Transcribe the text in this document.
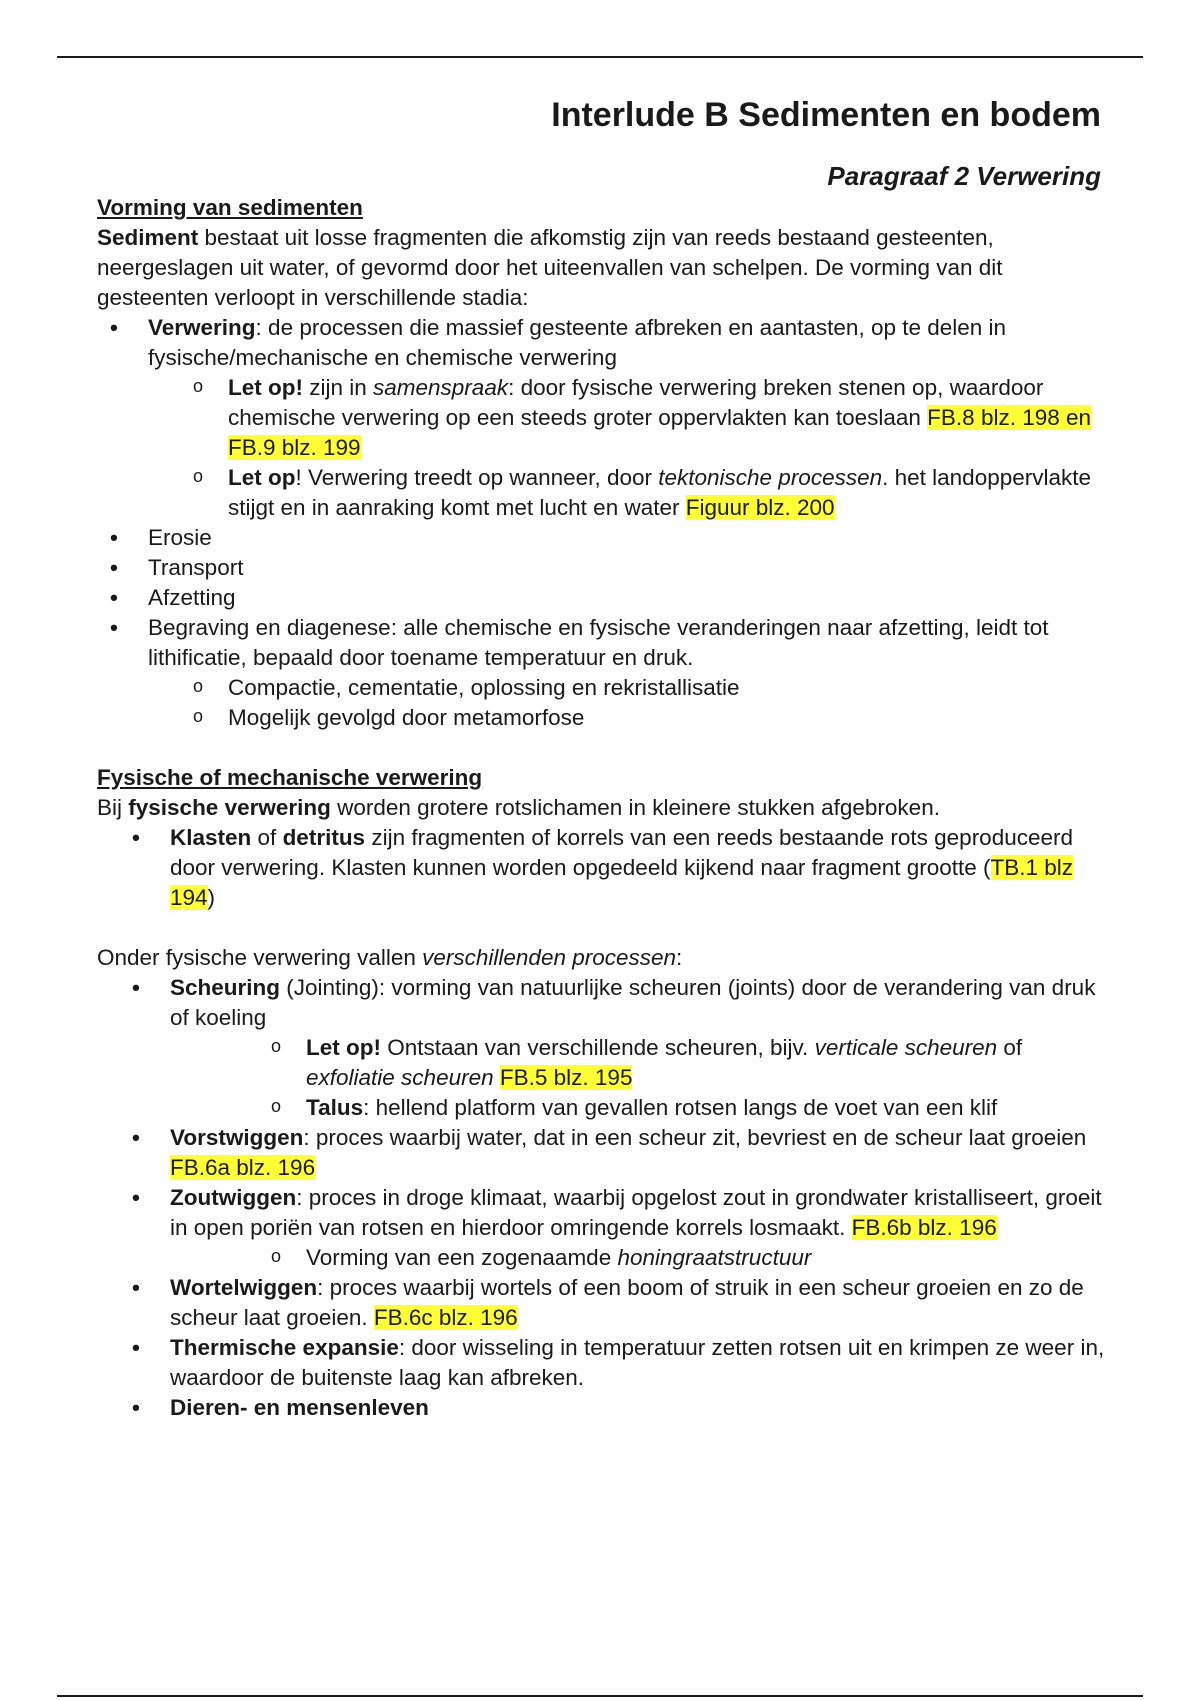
Interlude B Sedimenten en bodem
Paragraaf 2 Verwering

Vorming van sedimenten

Sediment bestaat uit losse fragmenten die afkomstig zijn van reeds bestaand gesteenten, neergeslagen uit water, of gevormd door het uiteenvallen van schelpen. De vorming van dit gesteenten verloopt in verschillende stadia:

• Verwering: de processen die massief gesteente afbreken en aantasten, op te delen in fysische/mechanische en chemische verwering
o Let op! zijn in samenspraak: door fysische verwering breken stenen op, waardoor chemische verwering op een steeds groter oppervlakten kan toeslaan FB.8 blz. 198 en FB.9 blz. 199
o Let op! Verwering treedt op wanneer, door tektonische processen. het landoppervlakte stijgt en in aanraking komt met lucht en water Figuur blz. 200
• Erosie
• Transport
• Afzetting
• Begraving en diagenese: alle chemische en fysische veranderingen naar afzetting, leidt tot lithificatie, bepaald door toename temperatuur en druk.
o Compactie, cementatie, oplossing en rekristallisatie
o Mogelijk gevolgd door metamorfose

Fysische of mechanische verwering

Bij fysische verwering worden grotere rotslichamen in kleinere stukken afgebroken.

• Klasten of detritus zijn fragmenten of korrels van een reeds bestaande rots geproduceerd door verwering. Klasten kunnen worden opgedeeld kijkend naar fragment grootte (TB.1 blz 194)

Onder fysische verwering vallen verschillenden processen:

• Scheuring (Jointing): vorming van natuurlijke scheuren (joints) door de verandering van druk of koeling
o Let op! Ontstaan van verschillende scheuren, bijv. verticale scheuren of exfoliatie scheuren FB.5 blz. 195
o Talus: hellend platform van gevallen rotsen langs de voet van een klif
• Vorstwiggen: proces waarbij water, dat in een scheur zit, bevriest en de scheur laat groeien FB.6a blz. 196
• Zoutwiggen: proces in droge klimaat, waarbij opgelost zout in grondwater kristalliseert, groeit in open poriën van rotsen en hierdoor omringende korrels losmaakt. FB.6b blz. 196
o Vorming van een zogenaamde honingraatstructuur
• Wortelwiggen: proces waarbij wortels of een boom of struik in een scheur groeien en zo de scheur laat groeien. FB.6c blz. 196
• Thermische expansie: door wisseling in temperatuur zetten rotsen uit en krimpen ze weer in, waardoor de buitenste laag kan afbreken.
• Dieren- en mensenleven
